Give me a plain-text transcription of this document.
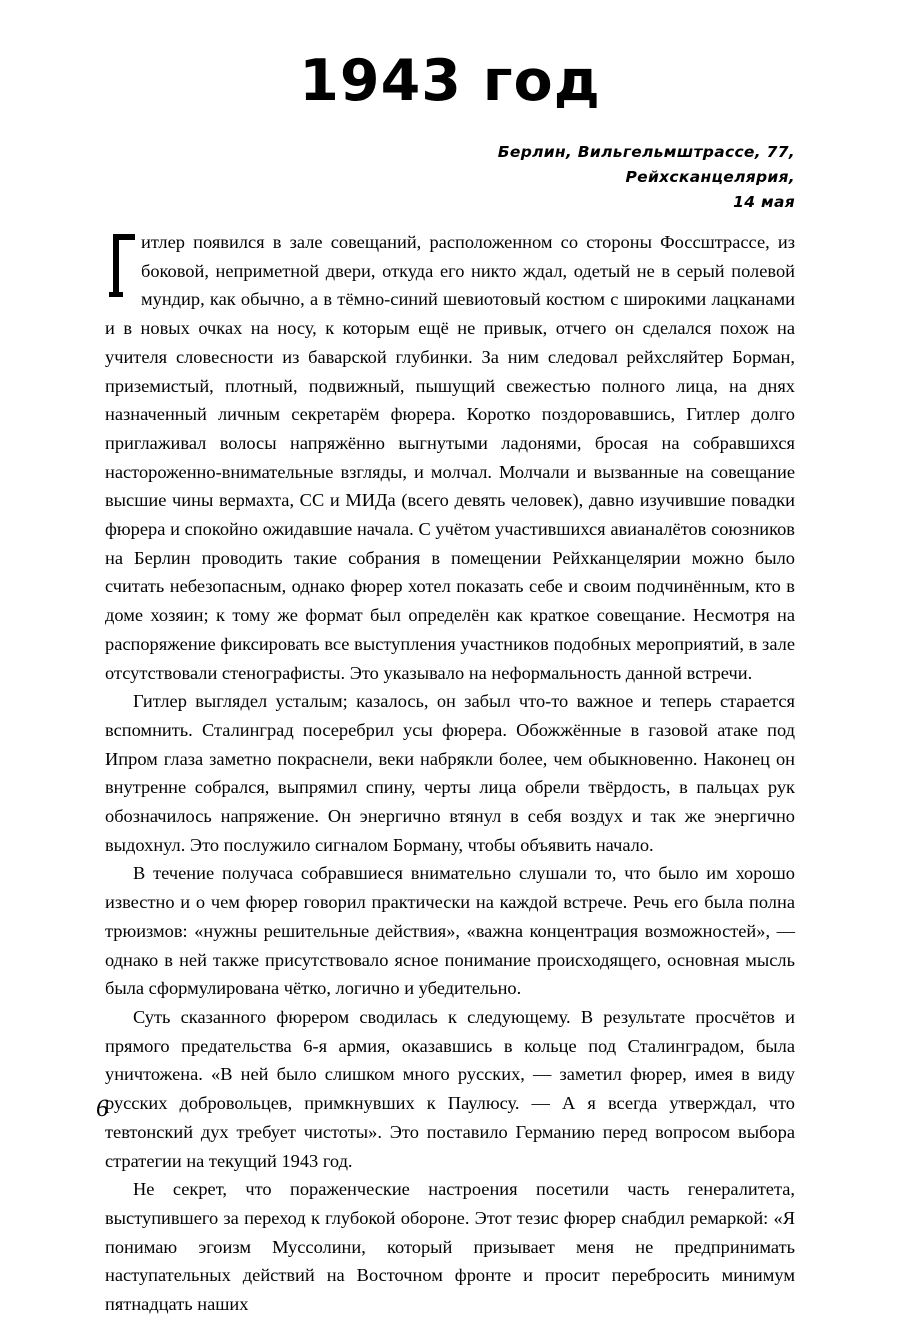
1943 год
Берлин, Вильгельмштрассе, 77,
Рейхсканцелярия,
14 мая

итлер появился в зале совещаний, расположенном со стороны Фоссштрассе, из боковой, неприметной двери, откуда его никто ждал, одетый не в серый полевой мундир, как обычно, а в тёмно-синий шевиотовый костюм с широкими лацканами и в новых очках на носу, к которым ещё не привык, отчего он сделался похож на учителя словесности из баварской глубинки. За ним следовал рейхсляйтер Борман, приземистый, плотный, подвижный, пышущий свежестью полного лица, на днях назначенный личным секретарём фюрера. Коротко поздоровавшись, Гитлер долго приглаживал волосы напряжённо выгнутыми ладонями, бросая на собравшихся настороженно-внимательные взгляды, и молчал. Молчали и вызванные на совещание высшие чины вермахта, СС и МИДа (всего девять человек), давно изучившие повадки фюрера и спокойно ожидавшие начала. С учётом участившихся авианалётов союзников на Берлин проводить такие собрания в помещении Рейхканцелярии можно было считать небезопасным, однако фюрер хотел показать себе и своим подчинённым, кто в доме хозяин; к тому же формат был определён как краткое совещание. Несмотря на распоряжение фиксировать все выступления участников подобных мероприятий, в зале отсутствовали стенографисты. Это указывало на неформальность данной встречи.

Гитлер выглядел усталым; казалось, он забыл что-то важное и теперь старается вспомнить. Сталинград посеребрил усы фюрера. Обожжённые в газовой атаке под Ипром глаза заметно покраснели, веки набрякли более, чем обыкновенно. Наконец он внутренне собрался, выпрямил спину, черты лица обрели твёрдость, в пальцах рук обозначилось напряжение. Он энергично втянул в себя воздух и так же энергично выдохнул. Это послужило сигналом Борману, чтобы объявить начало.

В течение получаса собравшиеся внимательно слушали то, что было им хорошо известно и о чем фюрер говорил практически на каждой встрече. Речь его была полна трюизмов: «нужны решительные действия», «важна концентрация возможностей», — однако в ней также присутствовало ясное понимание происходящего, основная мысль была сформулирована чётко, логично и убедительно.

Суть сказанного фюрером сводилась к следующему. В результате просчётов и прямого предательства 6-я армия, оказавшись в кольце под Сталинградом, была уничтожена. «В ней было слишком много русских, — заметил фюрер, имея в виду русских добровольцев, примкнувших к Паулюсу. — А я всегда утверждал, что тевтонский дух требует чистоты». Это поставило Германию перед вопросом выбора стратегии на текущий 1943 год.

Не секрет, что пораженческие настроения посетили часть генералитета, выступившего за переход к глубокой обороне. Этот тезис фюрер снабдил ремаркой: «Я понимаю эгоизм Муссолини, который призывает меня не предпринимать наступательных действий на Восточном фронте и просит перебросить минимум пятнадцать наших

6
